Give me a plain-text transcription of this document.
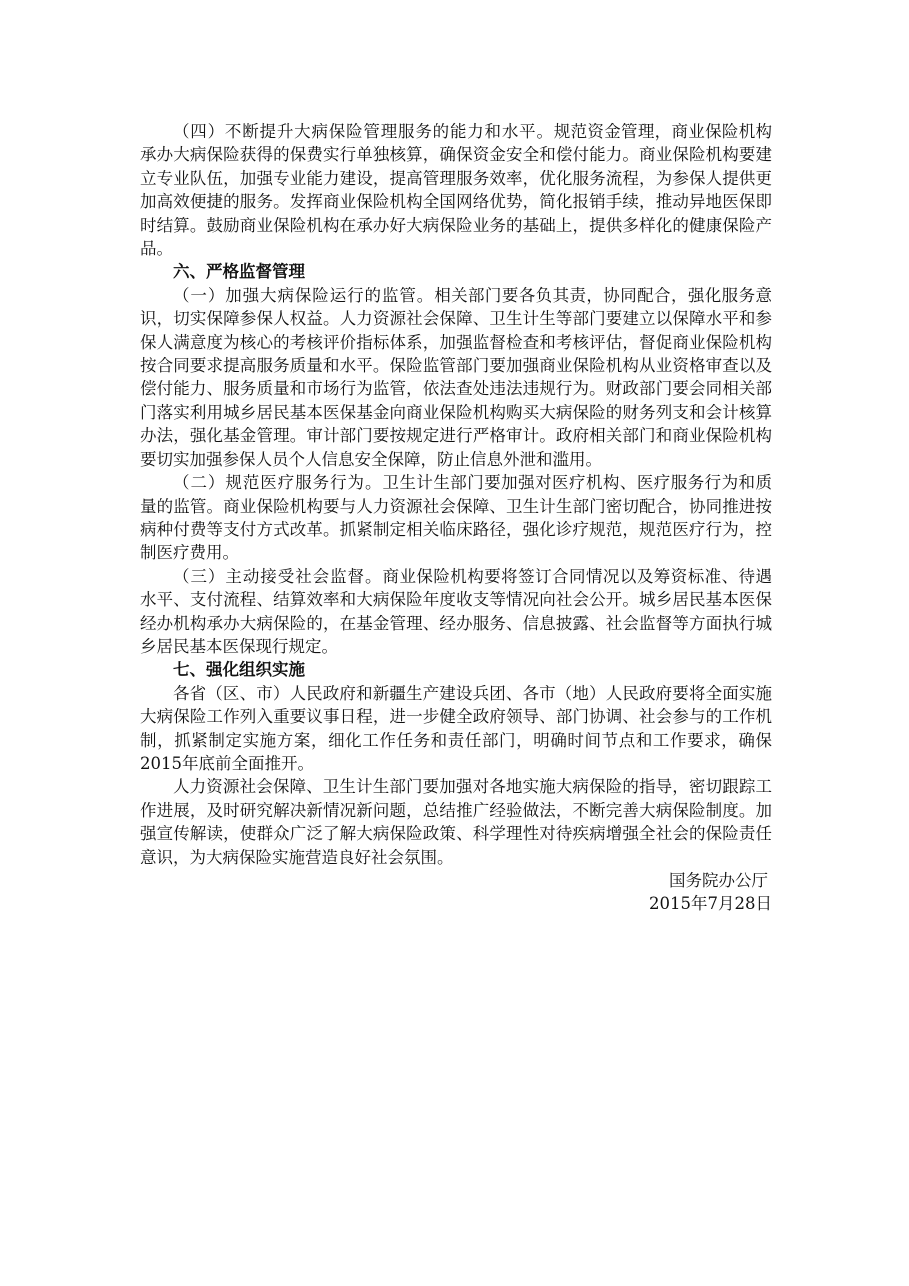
（四）不断提升大病保险管理服务的能力和水平。规范资金管理，商业保险机构承办大病保险获得的保费实行单独核算，确保资金安全和偿付能力。商业保险机构要建立专业队伍，加强专业能力建设，提高管理服务效率，优化服务流程，为参保人提供更加高效便捷的服务。发挥商业保险机构全国网络优势，简化报销手续，推动异地医保即时结算。鼓励商业保险机构在承办好大病保险业务的基础上，提供多样化的健康保险产品。

六、严格监督管理

（一）加强大病保险运行的监管。相关部门要各负其责，协同配合，强化服务意识，切实保障参保人权益。人力资源社会保障、卫生计生等部门要建立以保障水平和参保人满意度为核心的考核评价指标体系，加强监督检查和考核评估，督促商业保险机构按合同要求提高服务质量和水平。保险监管部门要加强商业保险机构从业资格审查以及偿付能力、服务质量和市场行为监管，依法查处违法违规行为。财政部门要会同相关部门落实利用城乡居民基本医保基金向商业保险机构购买大病保险的财务列支和会计核算办法，强化基金管理。审计部门要按规定进行严格审计。政府相关部门和商业保险机构要切实加强参保人员个人信息安全保障，防止信息外泄和滥用。

（二）规范医疗服务行为。卫生计生部门要加强对医疗机构、医疗服务行为和质量的监管。商业保险机构要与人力资源社会保障、卫生计生部门密切配合，协同推进按病种付费等支付方式改革。抓紧制定相关临床路径，强化诊疗规范，规范医疗行为，控制医疗费用。

（三）主动接受社会监督。商业保险机构要将签订合同情况以及筹资标准、待遇水平、支付流程、结算效率和大病保险年度收支等情况向社会公开。城乡居民基本医保经办机构承办大病保险的，在基金管理、经办服务、信息披露、社会监督等方面执行城乡居民基本医保现行规定。

七、强化组织实施

各省（区、市）人民政府和新疆生产建设兵团、各市（地）人民政府要将全面实施大病保险工作列入重要议事日程，进一步健全政府领导、部门协调、社会参与的工作机制，抓紧制定实施方案，细化工作任务和责任部门，明确时间节点和工作要求，确保2015年底前全面推开。

人力资源社会保障、卫生计生部门要加强对各地实施大病保险的指导，密切跟踪工作进展，及时研究解决新情况新问题，总结推广经验做法，不断完善大病保险制度。加强宣传解读，使群众广泛了解大病保险政策、科学理性对待疾病增强全社会的保险责任意识，为大病保险实施营造良好社会氛围。

国务院办公厅

2015年7月28日
